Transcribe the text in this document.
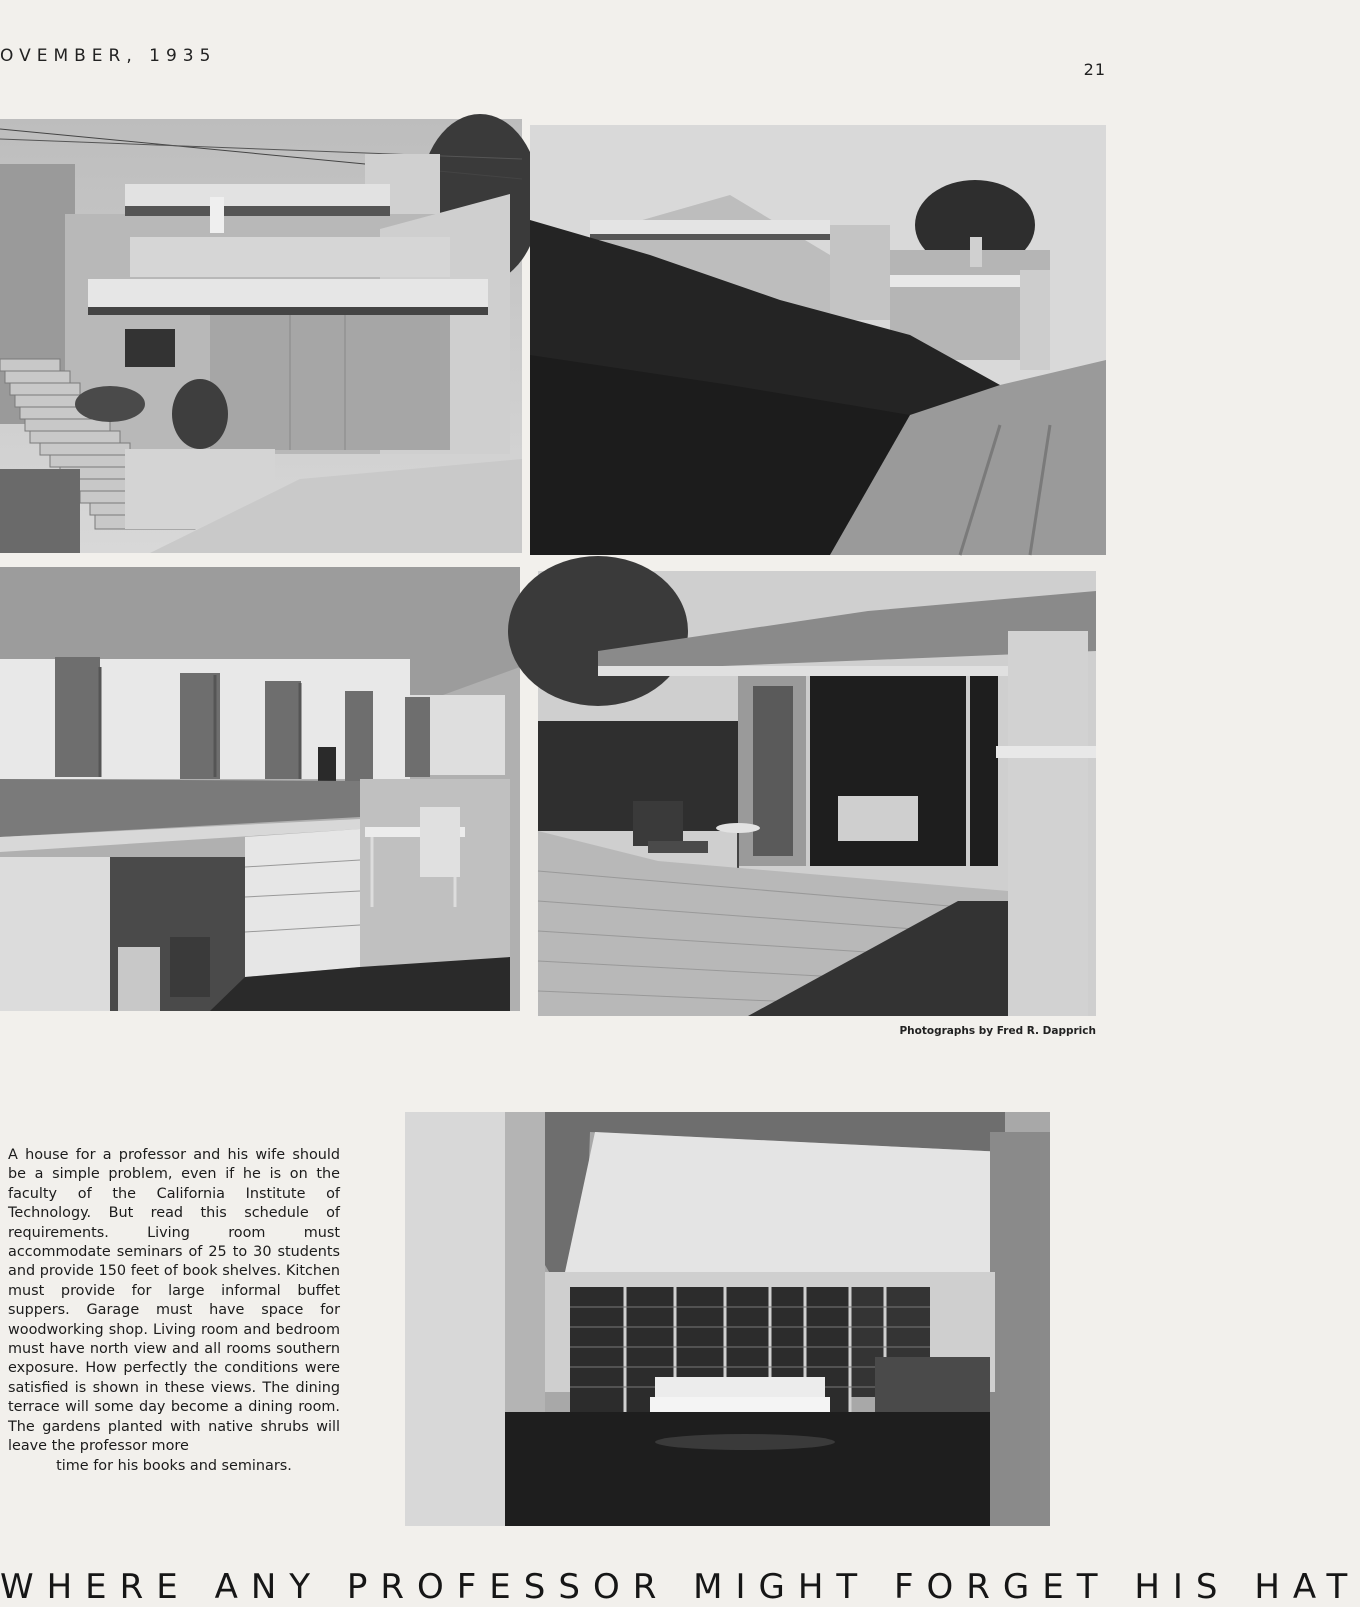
OVEMBER, 1935
21
Photographs by Fred R. Dapprich

A house for a professor and his wife should be a simple problem, even if he is on the faculty of the California Institute of Technology. But read this schedule of requirements. Living room must accommodate seminars of 25 to 30 students and provide 150 feet of book shelves. Kitchen must provide for large informal buffet suppers. Garage must have space for woodworking shop. Living room and bedroom must have north view and all rooms southern exposure. How perfectly the conditions were satisfied is shown in these views. The dining terrace will some day become a dining room. The gardens planted with native shrubs will leave the professor more
time for his books and seminars.

WHERE ANY PROFESSOR MIGHT FORGET HIS HAT
